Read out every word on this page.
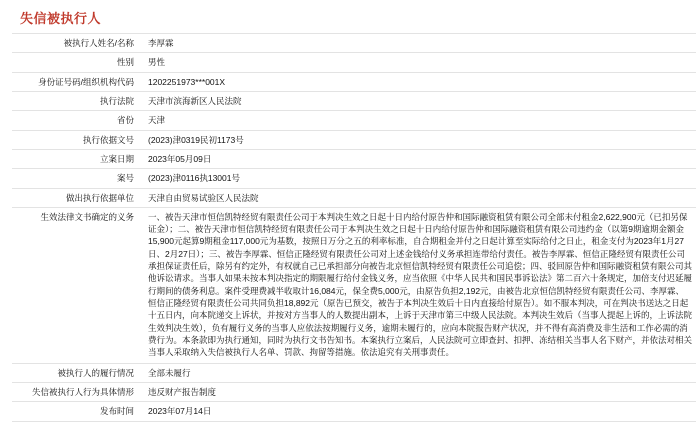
失信被执行人
被执行人姓名/名称	李厚霖
性别	男性
身份证号码/组织机构代码	1202251973***001X
执行法院	天津市滨海新区人民法院
省份	天津
执行依据文号	(2023)津0319民初1173号
立案日期	2023年05月09日
案号	(2023)津0116执13001号
做出执行依据单位	天津自由贸易试验区人民法院
生效法律文书确定的义务	一、被告天津市恒信凯特经贸有限责任公司于本判决生效之日起十日内给付原告仲和国际融资租赁有限公司全部未付租金2,622,900元（已扣另保证金）；二、被告天津市恒信凯特经贸有限责任公司于本判决生效之日起十日内给付原告仲和国际融资租赁有限公司违约金（以第9期逾期金额金15,900元起算9期租金117,000元为基数，按照日万分之五的利率标准，自合期租金并付之日起计算至实际给付之日止，租金支付为2023年1月27日、2月27日）；三、被告李厚霖、恒信正隆经贸有限责任公司对上述金钱给付义务承担连带给付责任。被告李厚霖、恒信正隆经贸有限责任公司承担保证责任后，除另有约定外，有权就自己已承担部分向被告北京恒信凯特经贸有限责任公司追偿；四、驳回原告仲和国际融资租赁有限公司其他诉讼请求。当事人如果未按本判决指定的期限履行给付金钱义务，应当依照《中华人民共和国民事诉讼法》第二百六十条规定，加倍支付迟延履行期间的债务利息。案件受理费减半收取计16,084元，保全费5,000元，由原告负担2,192元，由被告北京恒信凯特经贸有限责任公司、李厚霖、恒信正隆经贸有限责任公司共同负担18,892元（原告已预交，被告于本判决生效后十日内直接给付原告）。如不服本判决，可在判决书送达之日起十五日内，向本院递交上诉状，并按对方当事人的人数提出副本，上诉于天津市第三中级人民法院。本判决生效后（当事人提起上诉的，上诉法院生效判决生效），负有履行义务的当事人应依法按期履行义务，逾期未履行的，应向本院报告财产状况，并不得有高消费及非生活和工作必需的消费行为。本条款即为执行通知，同时为执行文书告知书。本案执行立案后，人民法院可立即查封、扣押、冻结相关当事人名下财产，并依法对相关当事人采取纳入失信被执行人名单、罚款、拘留等措施。依法追究有关刑事责任。

被执行人的履行情况	全部未履行
失信被执行人行为具体情形	违反财产报告制度
发布时间	2023年07月14日
